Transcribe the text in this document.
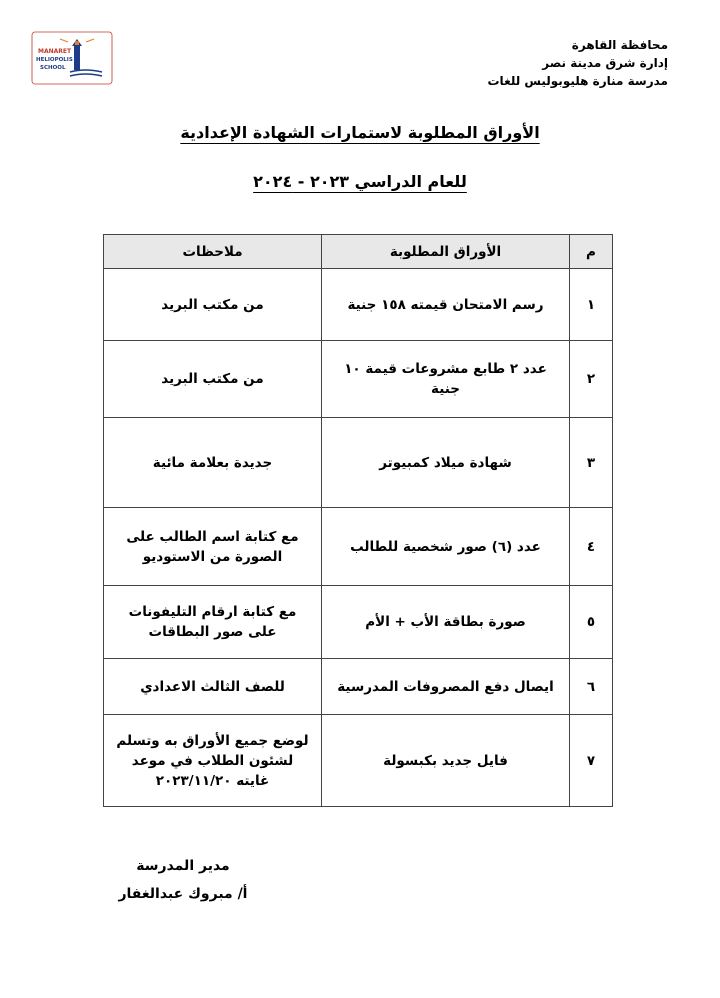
محافظة القاهرة
إدارة شرق مدينة نصر
مدرسة منارة هليوبوليس للغات
MANARET
HELIOPOLIS
SCHOOL
الأوراق المطلوبة لاستمارات الشهادة الإعدادية
للعام الدراسي ٢٠٢٣ - ٢٠٢٤
م	الأوراق المطلوبة	ملاحظات
١	رسم الامتحان قيمته ١٥٨ جنية	من مكتب البريد
٢	عدد ٢ طابع مشروعات قيمة ١٠ جنية	من مكتب البريد
٣	شهادة ميلاد كمبيوتر	جديدة بعلامة مائية
٤	عدد (٦) صور شخصية للطالب	مع كتابة اسم الطالب على الصورة من الاستوديو
٥	صورة بطاقة الأب + الأم	مع كتابة ارقام التليفونات على صور البطاقات
٦	ايصال دفع المصروفات المدرسية	للصف الثالث الاعدادي
٧	فايل جديد بكبسولة	لوضع جميع الأوراق به وتسلم لشئون الطلاب في موعد غايته ٢٠٢٣/١١/٢٠
مدير المدرسة
أ/ مبروك عبدالغفار
